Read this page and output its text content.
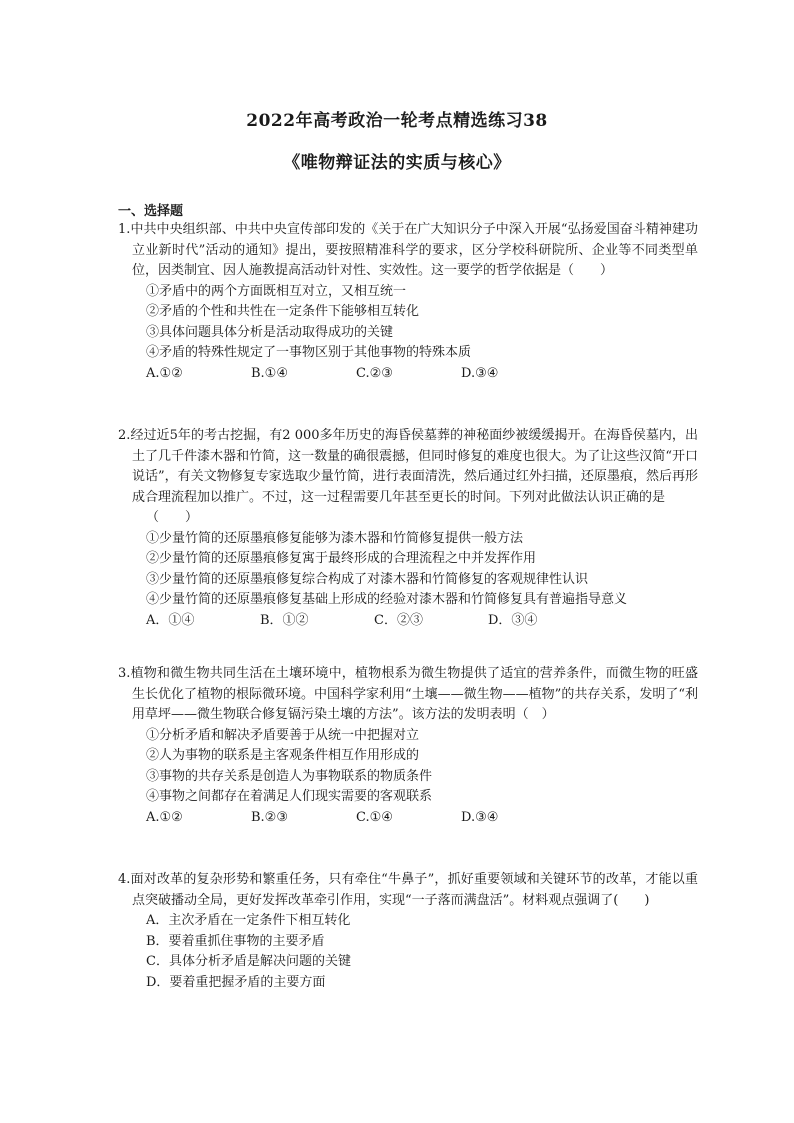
2022年高考政治一轮考点精选练习38
《唯物辩证法的实质与核心》
一、选择题
1.中共中央组织部、中共中央宣传部印发的《关于在广大知识分子中深入开展“弘扬爱国奋斗精神建功立业新时代”活动的通知》提出，要按照精准科学的要求，区分学校科研院所、企业等不同类型单位，因类制宜、因人施教提高活动针对性、实效性。这一要学的哲学依据是（　　）
①矛盾中的两个方面既相互对立，又相互统一
②矛盾的个性和共性在一定条件下能够相互转化
③具体问题具体分析是活动取得成功的关键
④矛盾的特殊性规定了一事物区别于其他事物的特殊本质
A.①②	B.①④	C.②③	D.③④
2.经过近5年的考古挖掘，有2 000多年历史的海昏侯墓葬的神秘面纱被缓缓揭开。在海昏侯墓内，出土了几千件漆木器和竹简，这一数量的确很震撼，但同时修复的难度也很大。为了让这些汉简“开口说话”，有关文物修复专家选取少量竹简，进行表面清洗，然后通过红外扫描，还原墨痕，然后再形成合理流程加以推广。不过，这一过程需要几年甚至更长的时间。下列对此做法认识正确的是
（　　）
①少量竹简的还原墨痕修复能够为漆木器和竹简修复提供一般方法
②少量竹简的还原墨痕修复寓于最终形成的合理流程之中并发挥作用
③少量竹简的还原墨痕修复综合构成了对漆木器和竹简修复的客观规律性认识
④少量竹简的还原墨痕修复基础上形成的经验对漆木器和竹简修复具有普遍指导意义
A．①④	B．①②	C．②③	D．③④
3.植物和微生物共同生活在土壤环境中，植物根系为微生物提供了适宜的营养条件，而微生物的旺盛生长优化了植物的根际微环境。中国科学家利用“土壤——微生物——植物”的共存关系，发明了“利用草坪——微生物联合修复镉污染土壤的方法”。该方法的发明表明（　）
①分析矛盾和解决矛盾要善于从统一中把握对立
②人为事物的联系是主客观条件相互作用形成的
③事物的共存关系是创造人为事物联系的物质条件
④事物之间都存在着满足人们现实需要的客观联系
A.①②	B.②③	C.①④	D.③④
4.面对改革的复杂形势和繁重任务，只有牵住“牛鼻子”，抓好重要领域和关键环节的改革，才能以重点突破播动全局，更好发挥改革牵引作用，实现“一子落而满盘活”。材料观点强调了(　　)
A．主次矛盾在一定条件下相互转化
B．要着重抓住事物的主要矛盾
C．具体分析矛盾是解决问题的关键
D．要着重把握矛盾的主要方面
